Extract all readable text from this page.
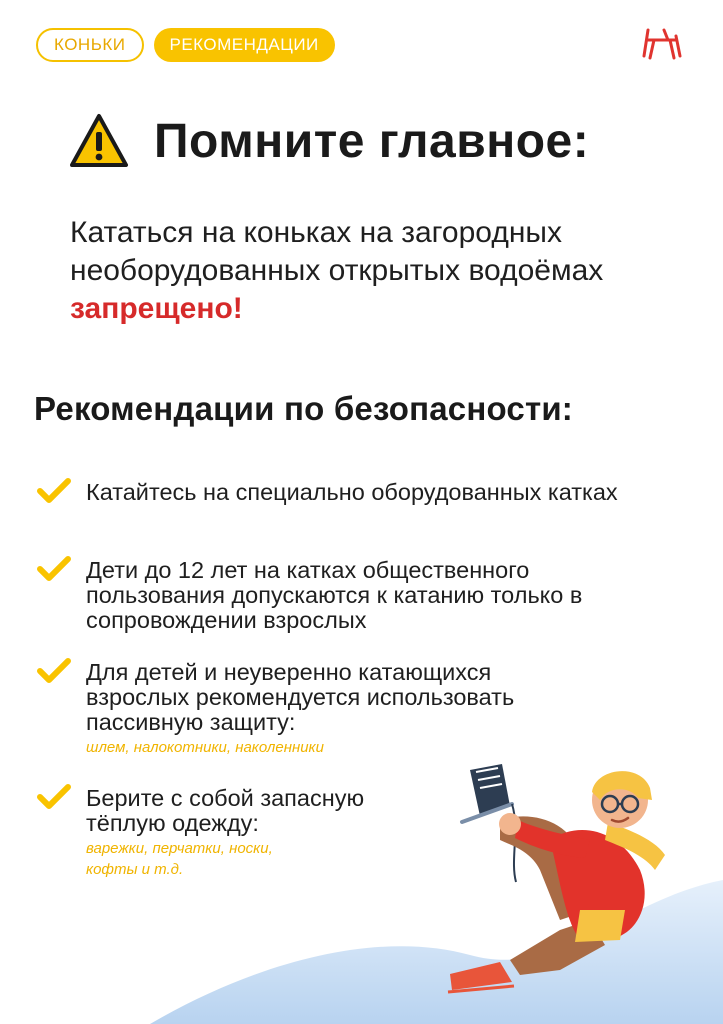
КОНЬКИ	РЕКОМЕНДАЦИИ
Помните главное:
Кататься на коньках на загородных необорудованных открытых водоёмах запрещено!
Рекомендации по безопасности:
Катайтесь на специально оборудованных катках
Дети до 12 лет на катках общественного пользования допускаются к катанию только в сопровождении взрослых
Для детей и неуверенно катающихся взрослых рекомендуется использовать пассивную защиту:
шлем, налокотники, наколенники
Берите с собой запасную тёплую одежду:
варежки, перчатки, носки, кофты и т.д.
